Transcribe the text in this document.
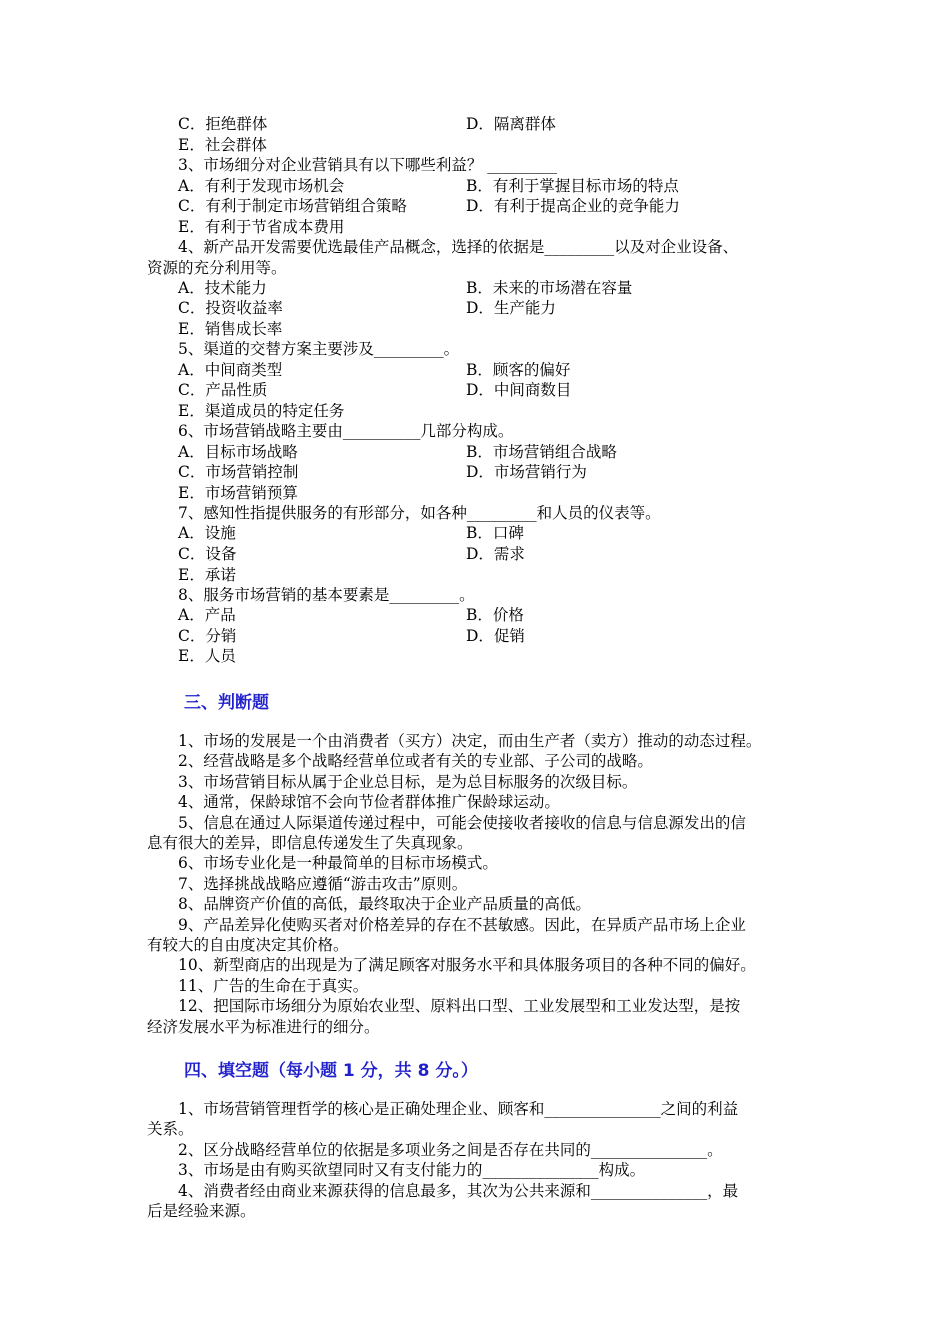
C．拒绝群体	D．隔离群体
E．社会群体
3、市场细分对企业营销具有以下哪些利益？ _________
A．有利于发现市场机会	B．有利于掌握目标市场的特点
C．有利于制定市场营销组合策略	D．有利于提高企业的竞争能力
E．有利于节省成本费用
4、新产品开发需要优选最佳产品概念，选择的依据是_________以及对企业设备、
资源的充分利用等。
A．技术能力	B．未来的市场潜在容量
C．投资收益率	D．生产能力
E．销售成长率
5、渠道的交替方案主要涉及_________。
A．中间商类型	B．顾客的偏好
C．产品性质	D．中间商数目
E．渠道成员的特定任务
6、市场营销战略主要由__________几部分构成。
A．目标市场战略	B．市场营销组合战略
C．市场营销控制	D．市场营销行为
E．市场营销预算
7、感知性指提供服务的有形部分，如各种_________和人员的仪表等。
A．设施	B．口碑
C．设备	D．需求
E．承诺
8、服务市场营销的基本要素是_________。
A．产品	B．价格
C．分销	D．促销
E．人员
三、判断题
1、市场的发展是一个由消费者（买方）决定，而由生产者（卖方）推动的动态过程。
2、经营战略是多个战略经营单位或者有关的专业部、子公司的战略。
3、市场营销目标从属于企业总目标，是为总目标服务的次级目标。
4、通常，保龄球馆不会向节俭者群体推广保龄球运动。
5、信息在通过人际渠道传递过程中，可能会使接收者接收的信息与信息源发出的信
息有很大的差异，即信息传递发生了失真现象。
6、市场专业化是一种最简单的目标市场模式。
7、选择挑战战略应遵循“游击攻击”原则。
8、品牌资产价值的高低，最终取决于企业产品质量的高低。
9、产品差异化使购买者对价格差异的存在不甚敏感。因此，在异质产品市场上企业
有较大的自由度决定其价格。
10、新型商店的出现是为了满足顾客对服务水平和具体服务项目的各种不同的偏好。
11、广告的生命在于真实。
12、把国际市场细分为原始农业型、原料出口型、工业发展型和工业发达型，是按
经济发展水平为标准进行的细分。
四、填空题（每小题 1 分，共 8 分。）
1、市场营销管理哲学的核心是正确处理企业、顾客和_______________之间的利益
关系。
2、区分战略经营单位的依据是多项业务之间是否存在共同的_______________。
3、市场是由有购买欲望同时又有支付能力的_______________构成。
4、消费者经由商业来源获得的信息最多，其次为公共来源和_______________，最
后是经验来源。
